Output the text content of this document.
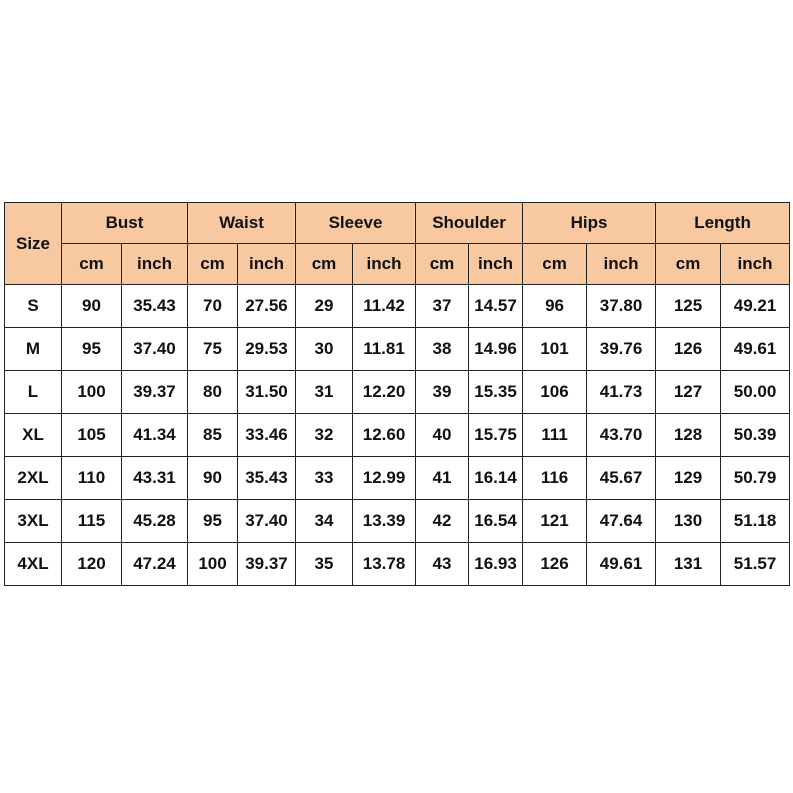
Size	Bust		Waist		Sleeve		Shoulder		Hips		Length	
	cm	inch	cm	inch	cm	inch	cm	inch	cm	inch	cm	inch
S	90	35.43	70	27.56	29	11.42	37	14.57	96	37.80	125	49.21
M	95	37.40	75	29.53	30	11.81	38	14.96	101	39.76	126	49.61
L	100	39.37	80	31.50	31	12.20	39	15.35	106	41.73	127	50.00
XL	105	41.34	85	33.46	32	12.60	40	15.75	111	43.70	128	50.39
2XL	110	43.31	90	35.43	33	12.99	41	16.14	116	45.67	129	50.79
3XL	115	45.28	95	37.40	34	13.39	42	16.54	121	47.64	130	51.18
4XL	120	47.24	100	39.37	35	13.78	43	16.93	126	49.61	131	51.57
